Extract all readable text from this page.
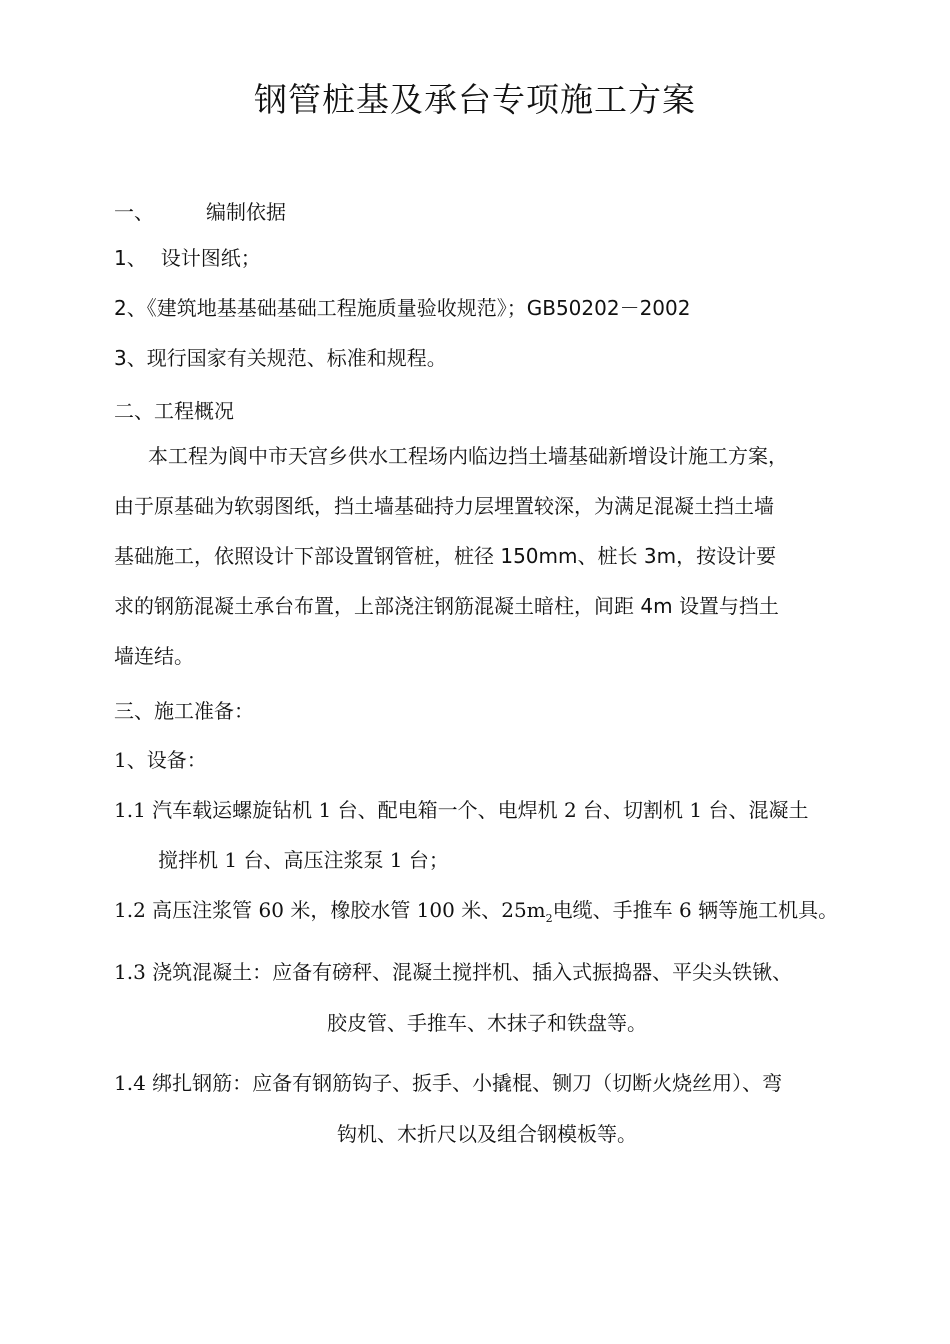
钢管桩基及承台专项施工方案
一、	编制依据
1、 设计图纸；
2、《建筑地基基础基础工程施质量验收规范》；GB50202－2002
3、现行国家有关规范、标准和规程。
二、工程概况

本工程为阆中市天宫乡供水工程场内临边挡土墙基础新增设计施工方案，

由于原基础为软弱图纸，挡土墙基础持力层埋置较深，为满足混凝土挡土墙

基础施工，依照设计下部设置钢管桩，桩径 150mm、桩长 3m，按设计要

求的钢筋混凝土承台布置，上部浇注钢筋混凝土暗柱，间距 4m 设置与挡土

墙连结。

三、施工准备：
1、设备：
1.1 汽车载运螺旋钻机 1 台、配电箱一个、电焊机 2 台、切割机 1 台、混凝土
搅拌机 1 台、高压注浆泵 1 台；
1.2 高压注浆管 60 米，橡胶水管 100 米、$25m_2$电缆、手推车 6 辆等施工机具。
1.3 浇筑混凝土：应备有磅秤、混凝土搅拌机、插入式振捣器、平尖头铁锹、
胶皮管、手推车、木抹子和铁盘等。
1.4 绑扎钢筋：应备有钢筋钩子、扳手、小撬棍、铡刀（切断火烧丝用）、弯
钩机、木折尺以及组合钢模板等。
